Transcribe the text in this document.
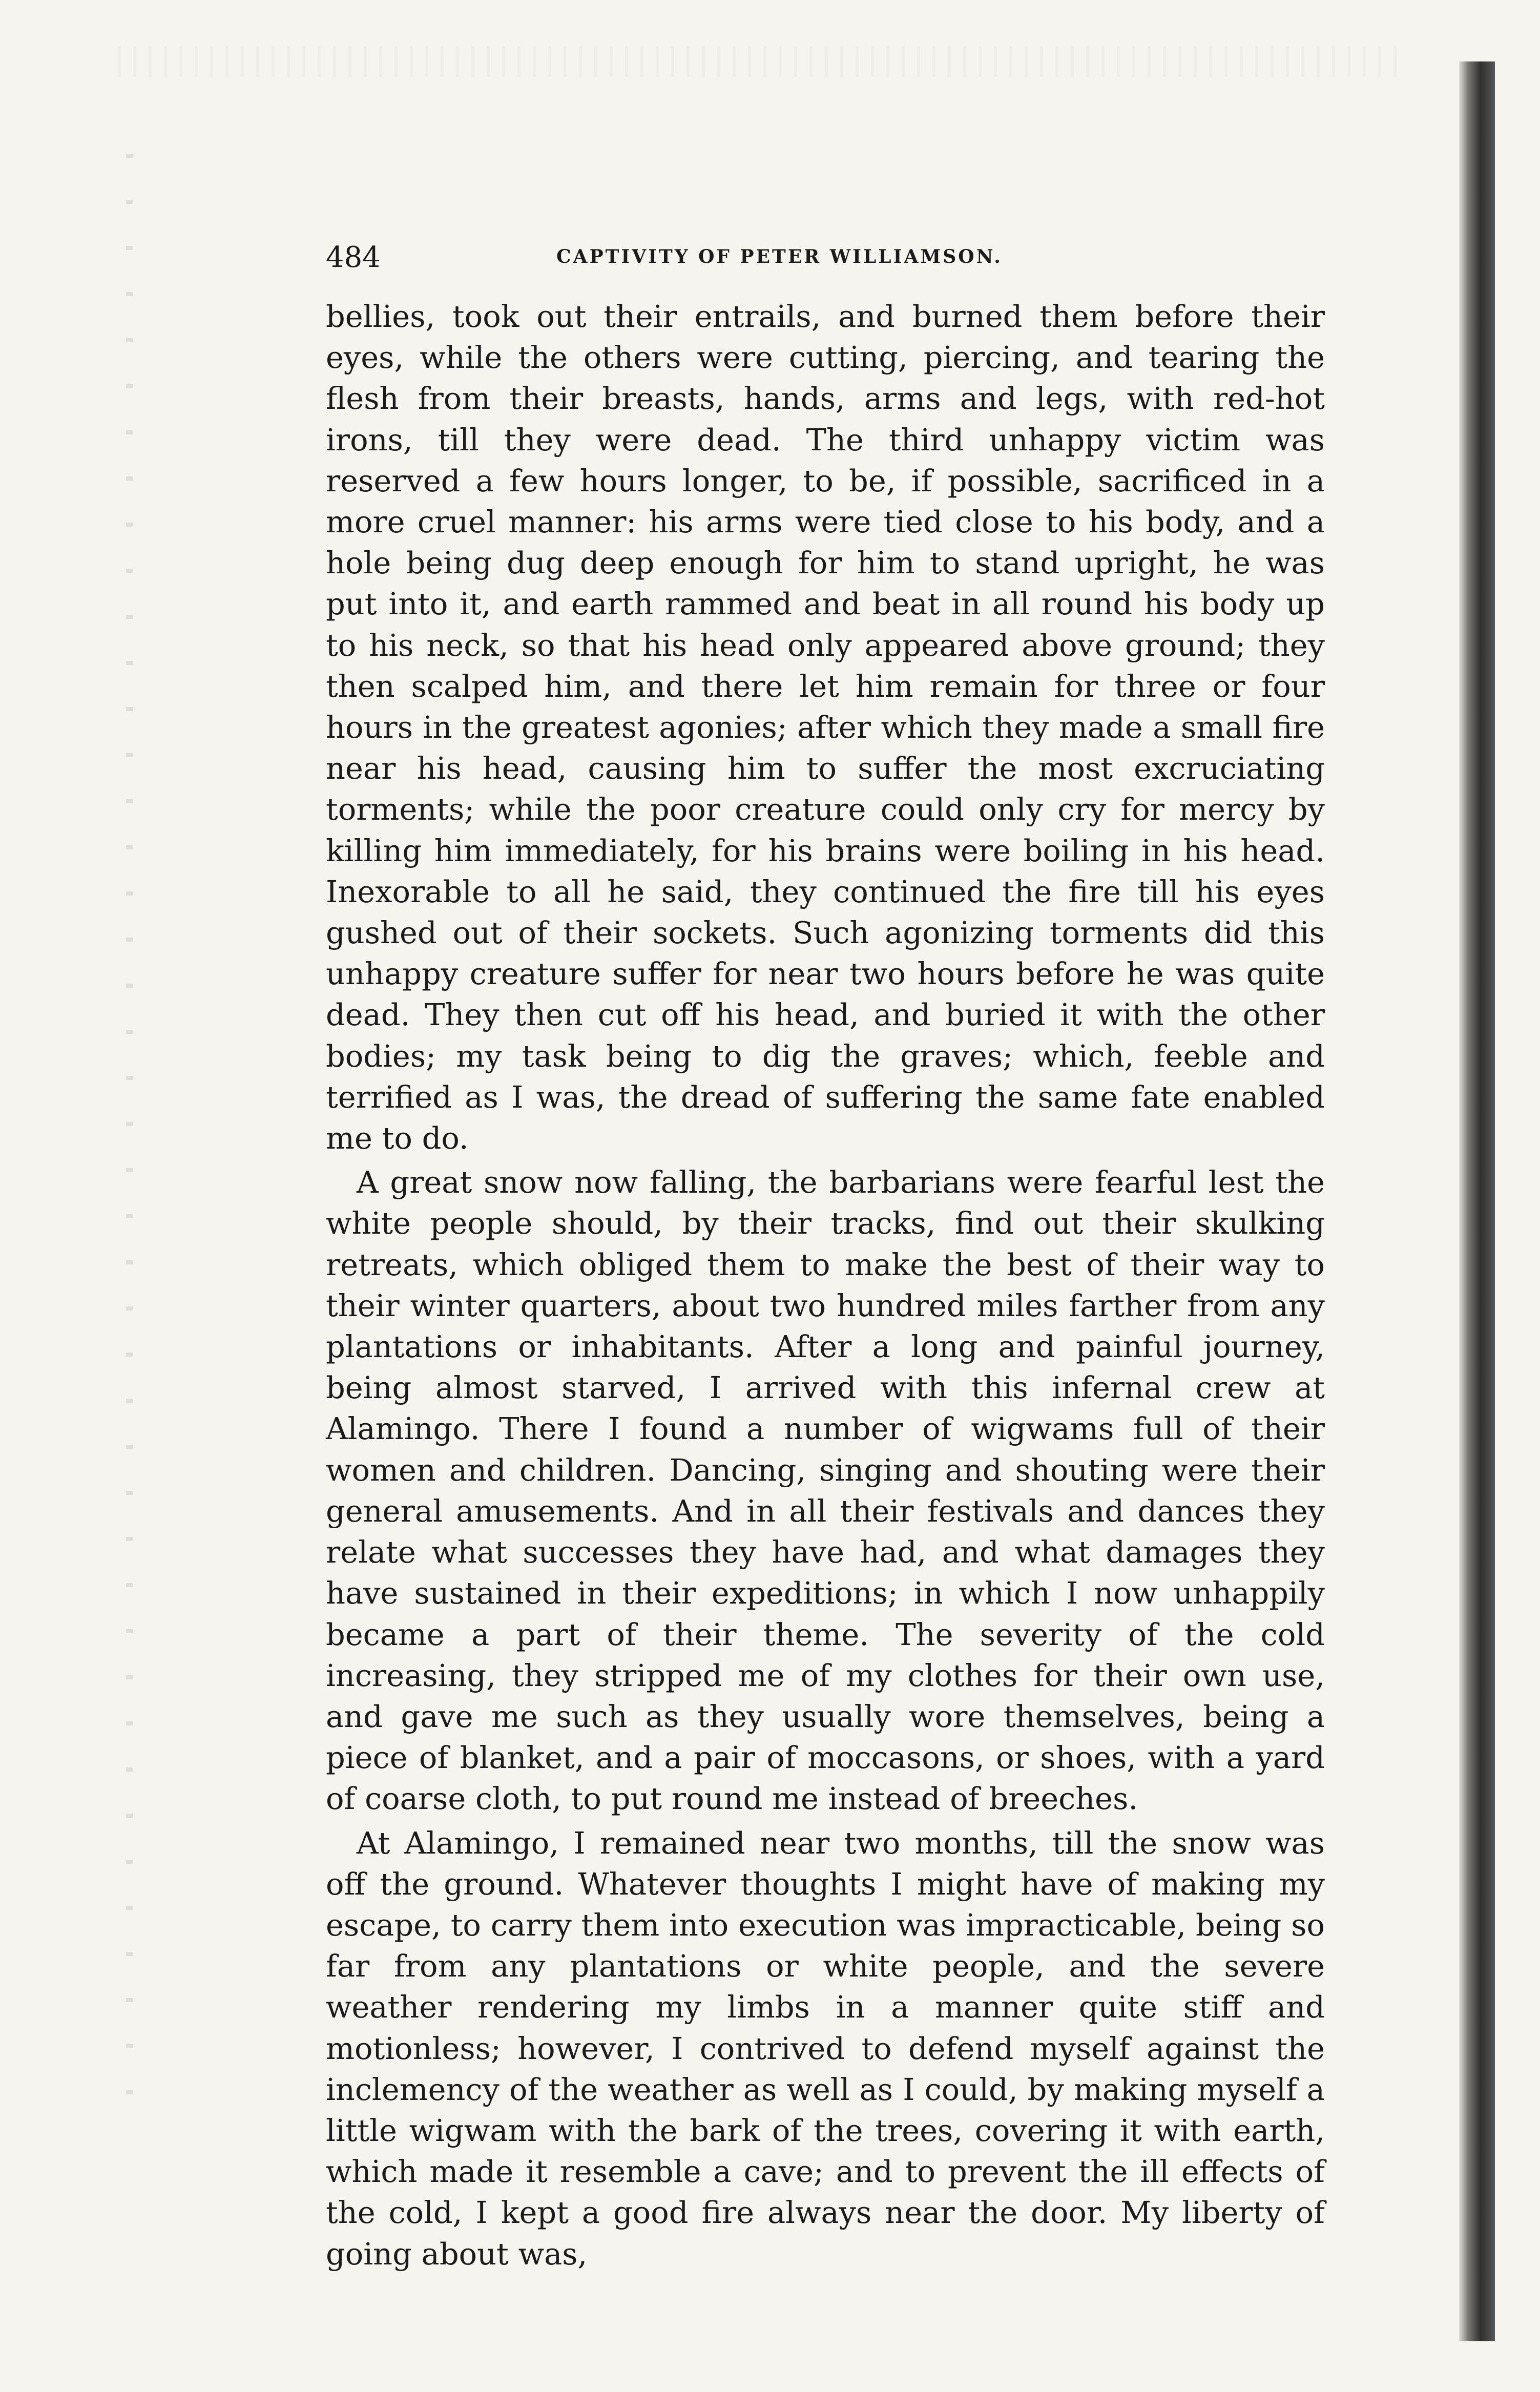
484	CAPTIVITY OF PETER WILLIAMSON.

bellies, took out their entrails, and burned them before their eyes, while the others were cutting, piercing, and tearing the flesh from their breasts, hands, arms and legs, with red-hot irons, till they were dead. The third unhappy victim was reserved a few hours longer, to be, if possible, sacrificed in a more cruel manner: his arms were tied close to his body, and a hole being dug deep enough for him to stand upright, he was put into it, and earth rammed and beat in all round his body up to his neck, so that his head only appeared above ground; they then scalped him, and there let him remain for three or four hours in the greatest agonies; after which they made a small fire near his head, causing him to suffer the most excruciating torments; while the poor creature could only cry for mercy by killing him immediately, for his brains were boiling in his head. Inexorable to all he said, they continued the fire till his eyes gushed out of their sockets. Such agonizing torments did this unhappy creature suffer for near two hours before he was quite dead. They then cut off his head, and buried it with the other bodies; my task being to dig the graves; which, feeble and terrified as I was, the dread of suffering the same fate enabled me to do.

A great snow now falling, the barbarians were fearful lest the white people should, by their tracks, find out their skulking retreats, which obliged them to make the best of their way to their winter quarters, about two hundred miles farther from any plantations or inhabitants. After a long and painful journey, being almost starved, I arrived with this infernal crew at Alamingo. There I found a number of wigwams full of their women and children. Dancing, singing and shouting were their general amusements. And in all their festivals and dances they relate what successes they have had, and what damages they have sustained in their expeditions; in which I now unhappily became a part of their theme. The severity of the cold increasing, they stripped me of my clothes for their own use, and gave me such as they usually wore themselves, being a piece of blanket, and a pair of moccasons, or shoes, with a yard of coarse cloth, to put round me instead of breeches.

At Alamingo, I remained near two months, till the snow was off the ground. Whatever thoughts I might have of making my escape, to carry them into execution was impracticable, being so far from any plantations or white people, and the severe weather rendering my limbs in a manner quite stiff and motionless; however, I contrived to defend myself against the inclemency of the weather as well as I could, by making myself a little wigwam with the bark of the trees, covering it with earth, which made it resemble a cave; and to prevent the ill effects of the cold, I kept a good fire always near the door. My liberty of going about was,
